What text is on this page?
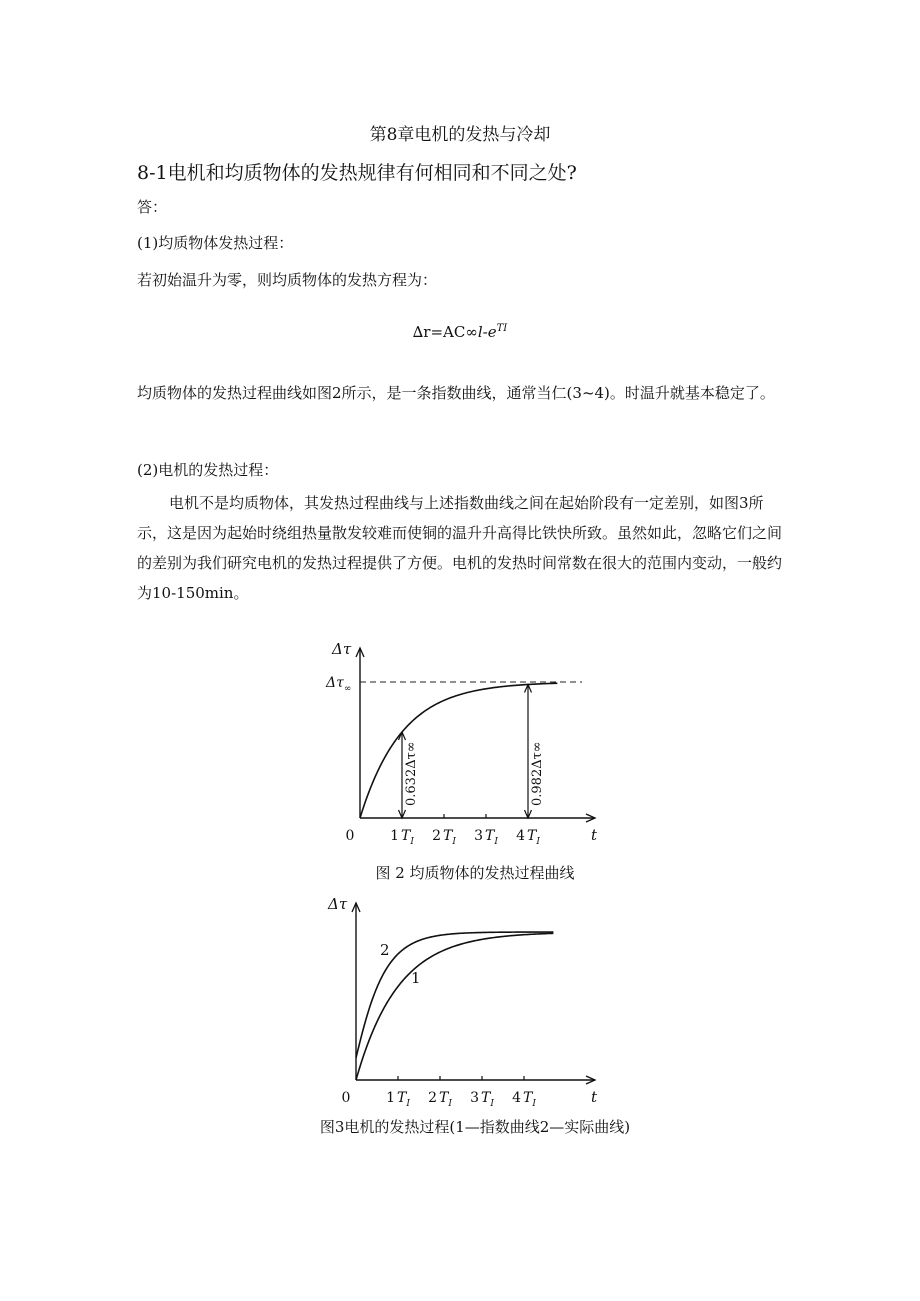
第8章电机的发热与冷却
8-1电机和均质物体的发热规律有何相同和不同之处?
答：
(1)均质物体发热过程：
若初始温升为零，则均质物体的发热方程为：
$\Delta r=AC\infty l-e^{TI}$

均质物体的发热过程曲线如图2所示，是一条指数曲线，通常当仁(3~4)。时温升就基本稳定了。

(2)电机的发热过程：

电机不是均质物体，其发热过程曲线与上述指数曲线之间在起始阶段有一定差别，如图3所示，这是因为起始时绕组热量散发较难而使铜的温升升高得比铁快所致。虽然如此，忽略它们之间的差别为我们研究电机的发热过程提供了方便。电机的发热时间常数在很大的范围内变动，一般约为10-150min。

Δτ
t
0	1 $T_I$ 2 $T_I$ 3 $T_I$ 4 $T_I$
$\Delta\tau_\infty$
0.632Δτ∞	0.982Δτ∞
图 2 均质物体的发热过程曲线
Δτ
t
0	1 $T_I$ 2 $T_I$ 3 $T_I$ 4 $T_I$
1
2
图3电机的发热过程(1—指数曲线2—实际曲线)
